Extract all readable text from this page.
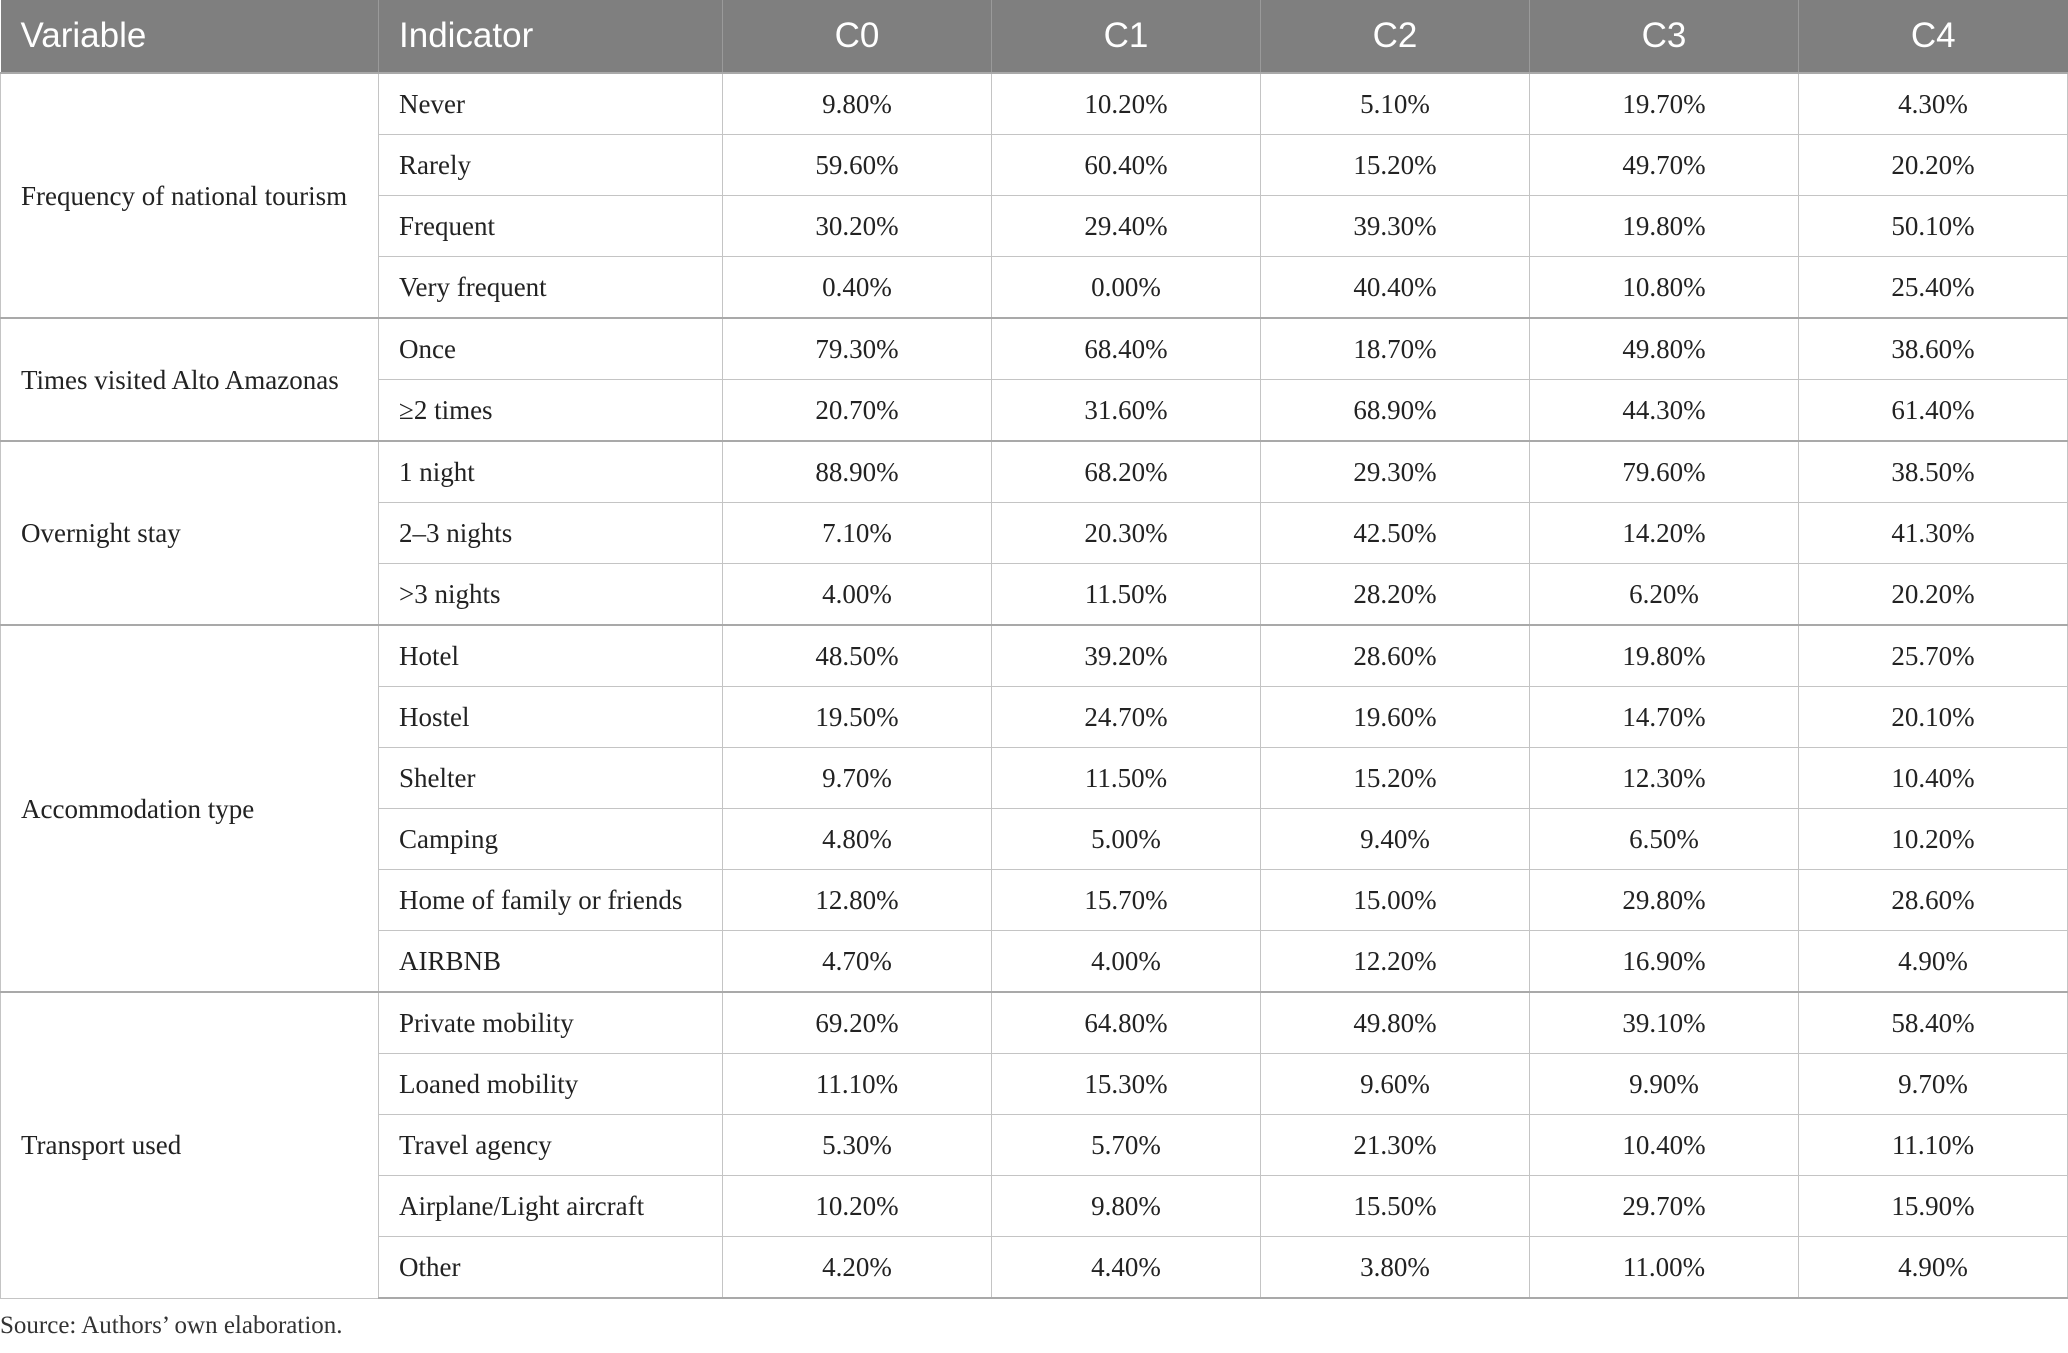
Variable	Indicator	C0	C1	C2	C3	C4
Frequency of national tourism	Never	9.80%	10.20%	5.10%	19.70%	4.30%
	Rarely	59.60%	60.40%	15.20%	49.70%	20.20%
	Frequent	30.20%	29.40%	39.30%	19.80%	50.10%
	Very frequent	0.40%	0.00%	40.40%	10.80%	25.40%
Times visited Alto Amazonas	Once	79.30%	68.40%	18.70%	49.80%	38.60%
	≥2 times	20.70%	31.60%	68.90%	44.30%	61.40%
Overnight stay	1 night	88.90%	68.20%	29.30%	79.60%	38.50%
	2–3 nights	7.10%	20.30%	42.50%	14.20%	41.30%
	>3 nights	4.00%	11.50%	28.20%	6.20%	20.20%
Accommodation type	Hotel	48.50%	39.20%	28.60%	19.80%	25.70%
	Hostel	19.50%	24.70%	19.60%	14.70%	20.10%
	Shelter	9.70%	11.50%	15.20%	12.30%	10.40%
	Camping	4.80%	5.00%	9.40%	6.50%	10.20%
	Home of family or friends	12.80%	15.70%	15.00%	29.80%	28.60%
	AIRBNB	4.70%	4.00%	12.20%	16.90%	4.90%
Transport used	Private mobility	69.20%	64.80%	49.80%	39.10%	58.40%
	Loaned mobility	11.10%	15.30%	9.60%	9.90%	9.70%
	Travel agency	5.30%	5.70%	21.30%	10.40%	11.10%
	Airplane/Light aircraft	10.20%	9.80%	15.50%	29.70%	15.90%
	Other	4.20%	4.40%	3.80%	11.00%	4.90%
Source: Authors’ own elaboration.
